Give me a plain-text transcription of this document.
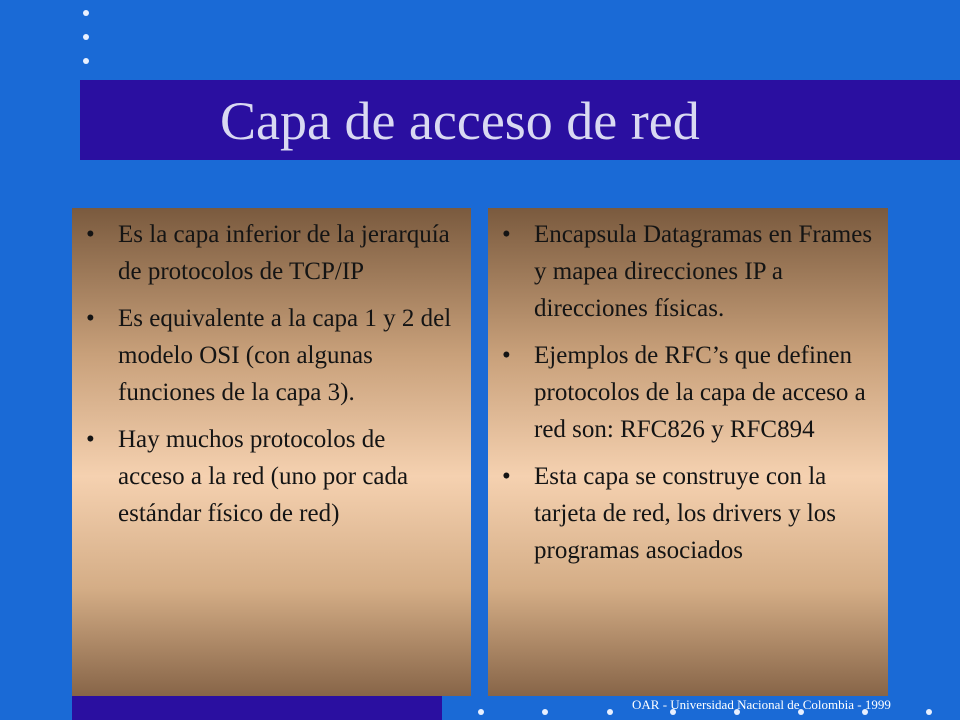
Capa de acceso de red
• Es la capa inferior de la jerarquía de protocolos de TCP/IP
• Es equivalente a la capa 1 y 2 del modelo OSI (con algunas funciones de la capa 3).
• Hay muchos protocolos de acceso a la red (uno por cada estándar físico de red)
• Encapsula Datagramas en Frames y mapea direcciones IP a direcciones físicas.
• Ejemplos de RFC’s que definen protocolos de la capa de acceso a red son: RFC826 y RFC894
• Esta capa se construye con la tarjeta de red, los drivers y los programas asociados

OAR - Universidad Nacional de Colombia - 1999
